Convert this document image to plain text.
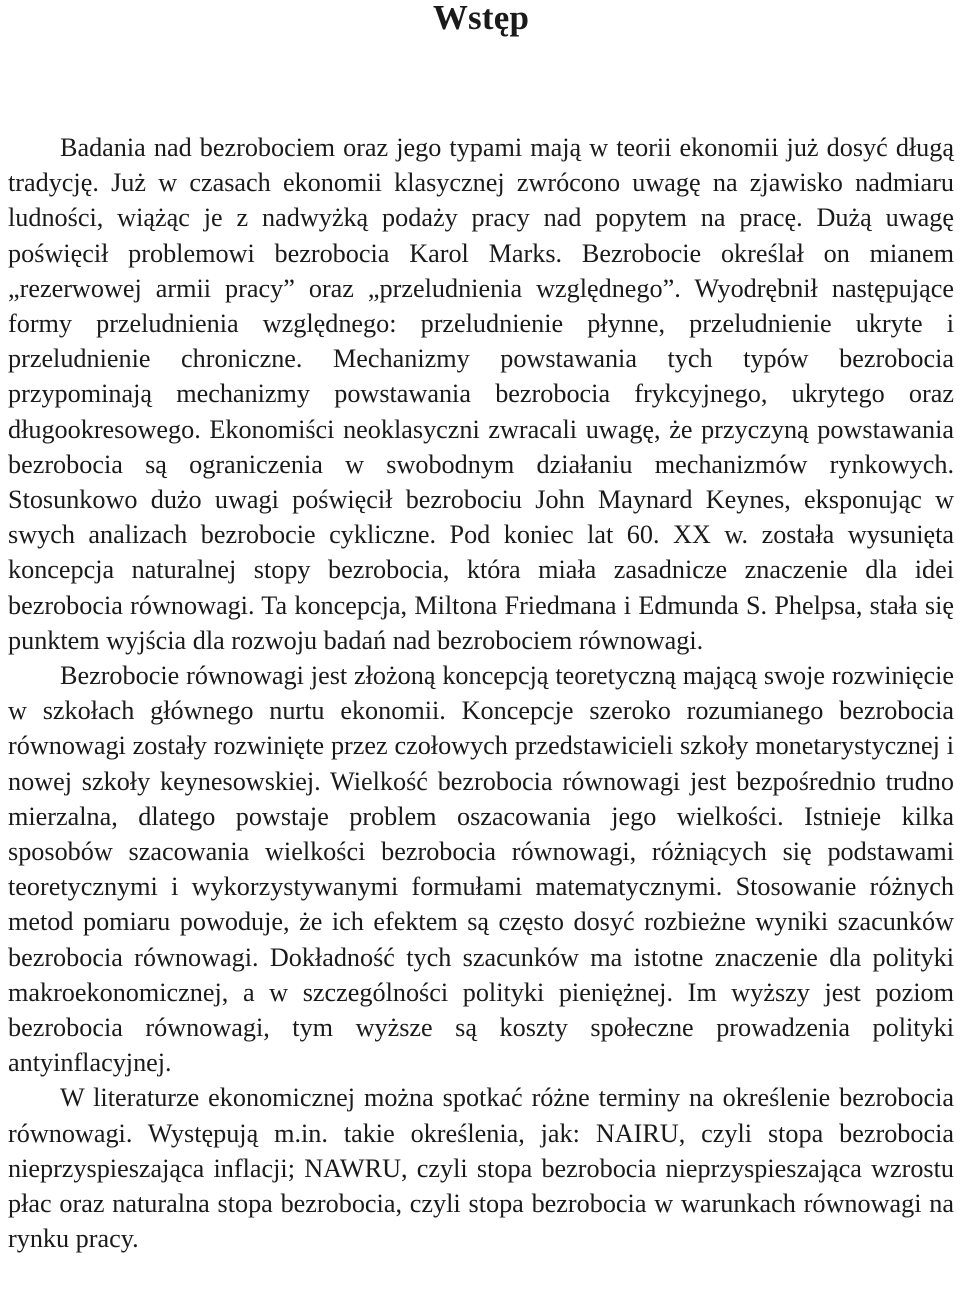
Wstęp

Badania nad bezrobociem oraz jego typami mają w teorii ekonomii już dosyć długą tradycję. Już w czasach ekonomii klasycznej zwrócono uwagę na zjawisko nadmiaru ludności, wiążąc je z nadwyżką podaży pracy nad popytem na pracę. Dużą uwagę poświęcił problemowi bezrobocia Karol Marks. Bezrobocie określał on mianem „rezerwowej armii pracy” oraz „przeludnienia względnego”. Wyodrębnił następujące formy przeludnienia względnego: przeludnienie płynne, przeludnienie ukryte i przeludnienie chroniczne. Mechanizmy powstawania tych typów bezrobocia przypominają mechanizmy powstawania bezrobocia frykcyjnego, ukrytego oraz długookresowego. Ekonomiści neoklasyczni zwracali uwagę, że przyczyną powstawania bezrobocia są ograniczenia w swobodnym działaniu mechanizmów rynkowych. Stosunkowo dużo uwagi poświęcił bezrobociu John Maynard Keynes, eksponując w swych analizach bezrobocie cykliczne. Pod koniec lat 60. XX w. została wysunięta koncepcja naturalnej stopy bezrobocia, która miała zasadnicze znaczenie dla idei bezrobocia równowagi. Ta koncepcja, Miltona Friedmana i Edmunda S. Phelpsa, stała się punktem wyjścia dla rozwoju badań nad bezrobociem równowagi.

Bezrobocie równowagi jest złożoną koncepcją teoretyczną mającą swoje rozwinięcie w szkołach głównego nurtu ekonomii. Koncepcje szeroko rozumianego bezrobocia równowagi zostały rozwinięte przez czołowych przedstawicieli szkoły monetarystycznej i nowej szkoły keynesowskiej. Wielkość bezrobocia równowagi jest bezpośrednio trudno mierzalna, dlatego powstaje problem oszacowania jego wielkości. Istnieje kilka sposobów szacowania wielkości bezrobocia równowagi, różniących się podstawami teoretycznymi i wykorzystywanymi formułami matematycznymi. Stosowanie różnych metod pomiaru powoduje, że ich efektem są często dosyć rozbieżne wyniki szacunków bezrobocia równowagi. Dokładność tych szacunków ma istotne znaczenie dla polityki makroekonomicznej, a w szczególności polityki pieniężnej. Im wyższy jest poziom bezrobocia równowagi, tym wyższe są koszty społeczne prowadzenia polityki antyinflacyjnej.

W literaturze ekonomicznej można spotkać różne terminy na określenie bezrobocia równowagi. Występują m.in. takie określenia, jak: NAIRU, czyli stopa bezrobocia nieprzyspieszająca inflacji; NAWRU, czyli stopa bezrobocia nieprzyspieszająca wzrostu płac oraz naturalna stopa bezrobocia, czyli stopa bezrobocia w warunkach równowagi na rynku pracy.
